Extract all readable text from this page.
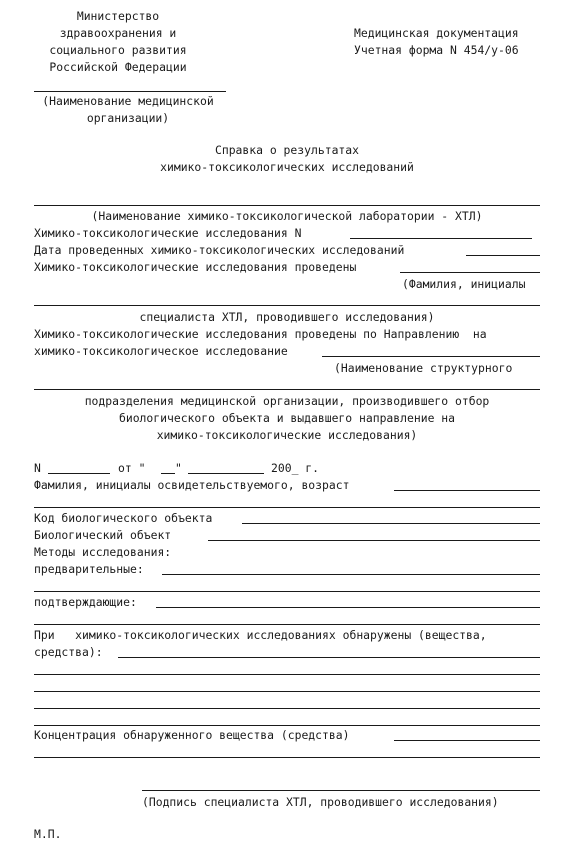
Министерство
здравоохранения и
социального развития
Российской Федерации
Медицинская документация
Учетная форма N 454/у-06
(Наименование медицинской
организации)
Справка о результатах
химико-токсикологических исследований
(Наименование химико-токсикологической лаборатории - ХТЛ)
Химико-токсикологические исследования N
Дата проведенных химико-токсикологических исследований
Химико-токсикологические исследования проведены
(Фамилия, инициалы
специалиста ХТЛ, проводившего исследования)
Химико-токсикологические исследования проведены по Направлению  на
химико-токсикологическое исследование
(Наименование структурного
подразделения медицинской организации, производившего отбор
биологического объекта и выдавшего направление на
химико-токсикологические исследования)
N	от "	"	200_ г.
Фамилия, инициалы освидетельствуемого, возраст
Код биологического объекта
Биологический объект
Методы исследования:
предварительные:
подтверждающие:
При   химико-токсикологических исследованиях обнаружены (вещества,
средства):
Концентрация обнаруженного вещества (средства)
(Подпись специалиста ХТЛ, проводившего исследования)
М.П.
